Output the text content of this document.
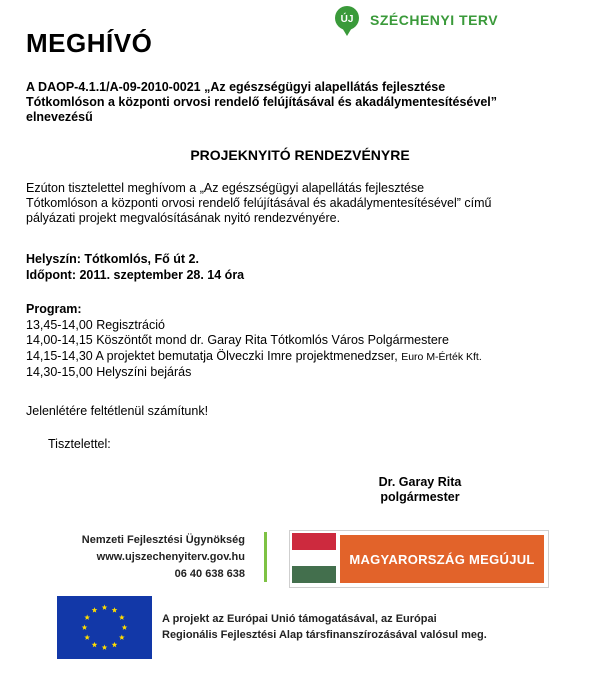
MEGHÍVÓ
ÚJ SZÉCHENYI TERV
A DAOP-4.1.1/A-09-2010-0021 „Az egészségügyi alapellátás fejlesztése
Tótkomlóson a központi orvosi rendelő felújításával és akadálymentesítésével”
elnevezésű
PROJEKNYITÓ RENDEZVÉNYRE
Ezúton tisztelettel meghívom a „Az egészségügyi alapellátás fejlesztése
Tótkomlóson a központi orvosi rendelő felújításával és akadálymentesítésével” című
pályázati projekt megvalósításának nyitó rendezvényére.
Helyszín: Tótkomlós, Fő út 2.
Időpont: 2011. szeptember 28. 14 óra
Program:
13,45-14,00 Regisztráció
14,00-14,15 Köszöntőt mond dr. Garay Rita Tótkomlós Város Polgármestere
14,15-14,30 A projektet bemutatja Ölveczki Imre projektmenedzser, Euro M-Érték Kft.
14,30-15,00 Helyszíni bejárás
Jelenlétére feltétlenül számítunk!
Tisztelettel:
Dr. Garay Rita
polgármester
Nemzeti Fejlesztési Ügynökség
www.ujszechenyiterv.gov.hu
06 40 638 638
MAGYARORSZÁG MEGÚJUL
A projekt az Európai Unió támogatásával, az Európai
Regionális Fejlesztési Alap társfinanszírozásával valósul meg.
